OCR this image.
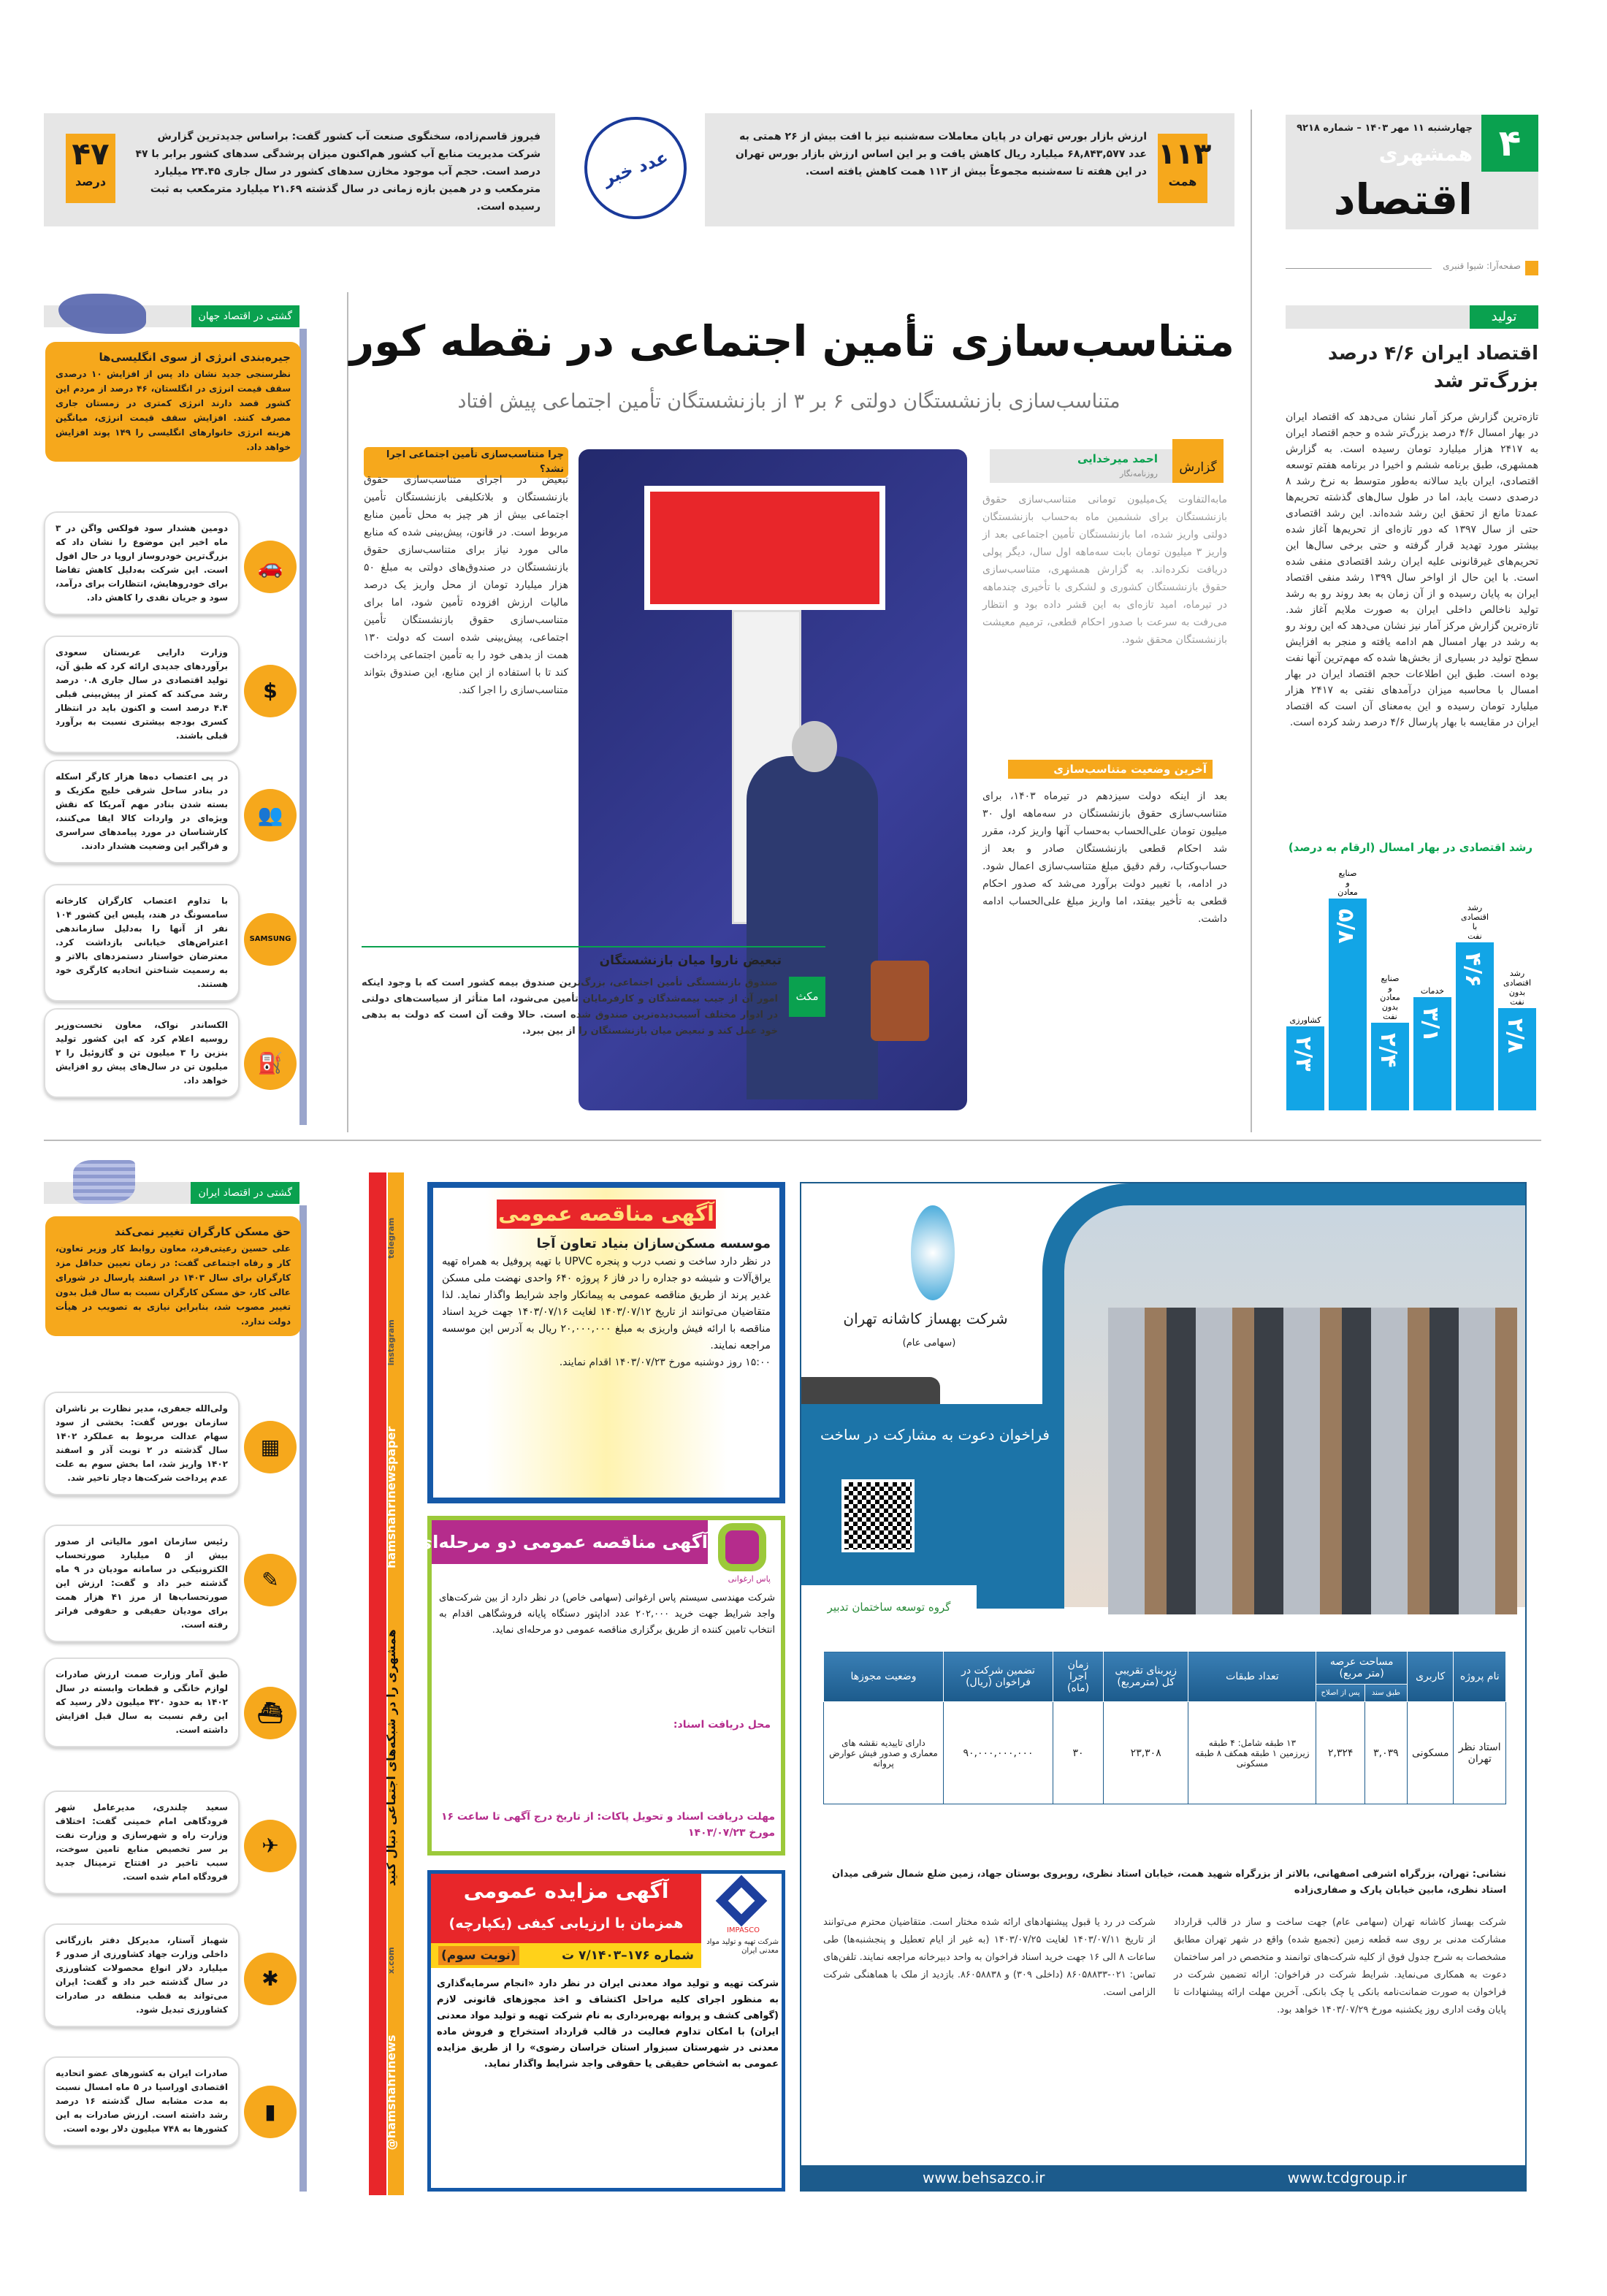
۴۷
درصد
فیروز قاسم‌زاده، سخنگوی صنعت آب کشور گفت: براساس جدیدترین گزارش شرکت مدیریت منابع آب کشور هم‌اکنون میزان پرشدگی سدهای کشور برابر با ۴۷ درصد است. حجم آب موجود مخازن سدهای کشور در سال جاری ۲۴.۴۵ میلیارد مترمکعب و در همین بازه زمانی در سال گذشته ۲۱.۶۹ میلیارد مترمکعب به ثبت رسیده است.
عدد خبر	۱۱۳
همت
ارزش بازار بورس تهران در پایان معاملات سه‌شنبه نیز با افت بیش از ۲۶ همتی به عدد ۶۸,۸۴۳,۵۷۷ میلیارد ریال کاهش یافت و بر این اساس ارزش بازار بورس تهران در این هفته تا سه‌شنبه مجموعاً بیش از ۱۱۳ همت کاهش یافته است.
۴
چهارشنبه ۱۱ مهر ۱۴۰۳ – شماره ۹۲۱۸
همشهری
اقتصاد
صفحه‌آرا: شیوا قنبری
تولید
اقتصاد ایران ۴/۶ درصد بزرگ‌تر شد
تازه‌ترین گزارش مرکز آمار نشان می‌دهد که اقتصاد ایران در بهار امسال ۴/۶ درصد بزرگ‌تر شده و حجم اقتصاد ایران به ۲۴۱۷ هزار میلیارد تومان رسیده است. به گزارش همشهری، طبق برنامه ششم و اخیرا در برنامه هفتم توسعه اقتصادی، ایران باید سالانه به‌طور متوسط به نرخ رشد ۸ درصدی دست یابد، اما در طول سال‌های گذشته تحریم‌ها عمدتا مانع از تحقق این رشد شده‌اند. این رشد اقتصادی حتی از سال ۱۳۹۷ که دور تازه‌ای از تحریم‌ها آغاز شده بیشتر مورد تهدید قرار گرفته و حتی برخی سال‌ها این تحریم‌های غیرقانونی علیه ایران رشد اقتصادی منفی شده است. با این حال از اواخر سال ۱۳۹۹ رشد منفی اقتصاد ایران به پایان رسیده و از آن زمان به بعد روند رو به رشد تولید ناخالص داخلی ایران به صورت ملایم آغاز شد. تازه‌ترین گزارش مرکز آمار نیز نشان می‌دهد که این روند رو به رشد در بهار امسال هم ادامه یافته و منجر به افزایش سطح تولید در بسیاری از بخش‌ها شده که مهم‌ترین آنها نفت بوده است. طبق این اطلاعات حجم اقتصاد ایران در بهار امسال با محاسبه میزان درآمدهای نفتی به ۲۴۱۷ هزار میلیارد تومان رسیده و این به‌معنای آن است که اقتصاد ایران در مقایسه با بهار پارسال ۴/۶ درصد رشد کرده است.
رشد اقتصادی در بهار امسال (ارقام به درصد)
۲/۳
کشاورزی
۵/۸
صنایع و معادن
۲/۴
صنایع و معادن بدون نفت ۳/۱
خدمات
۴/۶
رشد اقتصادی با نفت
۲/۸
رشد اقتصادی بدون نفت
متناسب‌سازی تأمین اجتماعی در نقطه کور
متناسب‌سازی بازنشستگان دولتی ۶ بر ۳ از بازنشستگان تأمین اجتماعی پیش افتاد
گزارش
احمد میرخدایی
روزنامه‌نگار
مابه‌التفاوت یک‌میلیون تومانی متناسب‌سازی حقوق بازنشستگان برای ششمین ماه به‌حساب بازنشستگان دولتی واریز شده، اما بازنشستگان تأمین اجتماعی بعد از واریز ۳ میلیون تومان بابت سه‌ماهه اول سال، دیگر پولی دریافت نکرده‌اند. به گزارش همشهری، متناسب‌سازی حقوق بازنشستگان کشوری و لشکری با تأخیری چندماهه در تیرماه، امید تازه‌ای به این قشر داده بود و انتظار می‌رفت به سرعت با صدور احکام قطعی، ترمیم معیشت بازنشستگان محقق شود.
آخرین وضعیت متناسب‌سازی
بعد از اینکه دولت سیزدهم در تیرماه ۱۴۰۳، برای متناسب‌سازی حقوق بازنشستگان در سه‌ماهه اول ۳۰ میلیون تومان علی‌الحساب به‌حساب آنها واریز کرد، مقرر شد احکام قطعی بازنشستگان صادر و بعد از حساب‌وکتاب، رقم دقیق مبلغ متناسب‌سازی اعمال شود. در ادامه، با تغییر دولت برآورد می‌شد که صدور احکام قطعی به تأخیر بیفتد، اما واریز مبلغ علی‌الحساب ادامه داشت.
چرا متناسب‌سازی تأمین اجتماعی اجرا نشد؟
تبعیض در اجرای متناسب‌سازی حقوق بازنشستگان و بلاتکلیفی بازنشستگان تأمین اجتماعی بیش از هر چیز به محل تأمین منابع مربوط است. در قانون، پیش‌بینی شده که منابع مالی مورد نیاز برای متناسب‌سازی حقوق بازنشستگان در صندوق‌های دولتی به مبلغ ۵۰ هزار میلیارد تومان از محل واریز یک درصد مالیات ارزش افزوده تأمین شود، اما برای متناسب‌سازی حقوق بازنشستگان تأمین اجتماعی، پیش‌بینی شده است که دولت ۱۳۰ همت از بدهی خود را به تأمین اجتماعی پرداخت کند تا با استفاده از این منابع، این صندوق بتواند متناسب‌سازی را اجرا کند.
مکث
تبعیض ناروا میان بازنشستگان
صندوق بازنشستگی تأمین اجتماعی، بزرگ‌ترین صندوق بیمه کشور است که با وجود اینکه امور آن از جیب بیمه‌شدگان و کارفرمایان تأمین می‌شود، اما متأثر از سیاست‌های دولتی در ادوار مختلف آسیب‌دیده‌ترین صندوق شده است. حالا وقت آن است که دولت به بدهی خود عمل کند و تبعیض میان بازنشستگان را از بین ببرد.
گشتی در اقتصاد جهان
جیره‌بندی انرژی از سوی انگلیسی‌ها
نظرسنجی جدید نشان داد پس از افزایش ۱۰ درصدی سقف قیمت انرژی در انگلستان، ۴۶ درصد از مردم این کشور قصد دارند انرژی کمتری در زمستان جاری مصرف کنند. افزایش سقف قیمت انرژی، میانگین هزینه انرژی خانوارهای انگلیسی را ۱۴۹ پوند افزایش خواهد داد.
دومین هشدار سود فولکس واگن در ۳ ماه اخیر این موضوع را نشان داد که بزرگ‌ترین خودروساز اروپا در حال افول است. این شرکت به‌دلیل کاهش تقاضا برای خودروهایش، انتظارات برای درآمد، سود و جریان نقدی را کاهش داد.
🚗
وزارت دارایی عربستان سعودی برآوردهای جدیدی ارائه کرد که طبق آن، تولید اقتصادی در سال جاری ۰.۸ درصد رشد می‌کند که کمتر از پیش‌بینی قبلی ۴.۴ درصد است و اکنون باید در انتظار کسری بودجه بیشتری نسبت به برآورد قبلی باشند.
$
در پی اعتصاب ده‌ها هزار کارگر اسکله در بنادر ساحل شرقی خلیج مکزیک و بسته شدن بنادر مهم آمریکا که نقش ویژه‌ای در واردات کالا ایفا می‌کنند، کارشناسان در مورد پیامدهای سراسری و فراگیر این وضعیت هشدار دادند.
👥
با تداوم اعتصاب کارگران کارخانه سامسونگ در هند، پلیس این کشور ۱۰۴ نفر از آنها را به‌دلیل سازماندهی اعتراض‌های خیابانی بازداشت کرد. معترضان خواستار دستمزدهای بالاتر و به رسمیت شناختن اتحادیه کارگری خود هستند.
SAMSUNG
الکساندر نواک، معاون نخست‌وزیر روسیه اعلام کرد که این کشور تولید بنزین را ۳ میلیون تن و گازوئیل را ۲ میلیون تن در سال‌های پیش رو افزایش خواهد داد.
⛽
گشتی در اقتصاد ایران
حق مسکن کارگران تغییر نمی‌کند
علی حسین رعیتی‌فرد، معاون روابط کار وزیر تعاون، کار و رفاه اجتماعی گفت: در زمان تعیین حداقل مزد کارگران برای سال ۱۴۰۳ در اسفند پارسال در شورای عالی کار، حق مسکن کارگران نسبت به سال قبل بدون تغییر مصوب شد، بنابراین نیازی به تصویب در هیأت دولت ندارد.
ولی‌الله جعفری، مدیر نظارت بر ناشران سازمان بورس گفت: بخشی از سود سهام عدالت مربوط به عملکرد ۱۴۰۲ سال گذشته در ۲ نوبت آذر و اسفند ۱۴۰۲ واریز شد، اما بخش سوم به علت عدم پرداخت شرکت‌ها دچار تاخیر شد.
▦
رئیس سازمان امور مالیاتی از صدور بیش از ۵ میلیارد صورتحساب الکترونیکی در سامانه مودیان در ۹ ماه گذشته خبر داد و گفت: ارزش این صورتحساب‌ها از مرز ۴۱ هزار همت برای مودیان حقیقی و حقوقی فراتر رفته است.
✎
طبق آمار وزارت صمت ارزش صادرات لوازم خانگی و قطعات وابسته در سال ۱۴۰۲ به حدود ۴۲۰ میلیون دلار رسید که این رقم نسبت به سال قبل افزایش داشته است.
⛴
سعید چلندری، مدیرعامل شهر فرودگاهی امام خمینی گفت: اختلاف وزارت راه و شهرسازی و وزارت نفت بر سر تخصیص منابع تامین سوخت، سبب تاخیر در افتتاح ترمینال جدید فرودگاه امام شده است.
✈
شهباز آستار، مدیرکل دفتر بازرگانی داخلی وزارت جهاد کشاورزی از صدور ۶ میلیارد دلار انواع محصولات کشاورزی در سال گذشته خبر داد و گفت: ایران می‌تواند به قطب منطقه در صادرات کشاورزی تبدیل شود.
✱
صادرات ایران به کشورهای عضو اتحادیه اقتصادی اوراسیا در ۵ ماه امسال نسبت به مدت مشابه سال گذشته ۱۶ درصد رشد داشته است. ارزش صادرات به این کشورها به ۷۴۸ میلیون دلار بوده است.
▮	@hamshahrinews
x.com
همشهری را در شبکه‌های اجتماعی دنبال کنید
hamshahrinewspaper
instagram
telegram
آگهی مناقصه عمومی
موسسه مسکن‌سازان بنیاد تعاون آجا
در نظر دارد ساخت و نصب درب و پنجره UPVC با تهیه پروفیل به همراه تهیه یراق‌آلات و شیشه دو جداره را در فاز ۶ پروژه ۶۴۰ واحدی نهضت ملی مسکن غدیر پرند از طریق مناقصه عمومی به پیمانکار واجد شرایط واگذار نماید. لذا متقاضیان می‌توانند از تاریخ ۱۴۰۳/۰۷/۱۲ لغایت ۱۴۰۳/۰۷/۱۶ جهت خرید اسناد مناقصه با ارائه فیش واریزی به مبلغ ۲۰,۰۰۰,۰۰۰ ریال به آدرس این موسسه مراجعه نمایند.
۱۵:۰۰ روز دوشنبه مورخ ۱۴۰۳/۰۷/۲۳ اقدام نمایند.
آگهی مناقصه عمومی دو مرحله‌ای
پاس ارغوانی
شرکت مهندسی سیستم پاس ارغوانی (سهامی خاص) در نظر دارد از بین شرکت‌های واجد شرایط جهت خرید ۲۰۲,۰۰۰ عدد اداپتور دستگاه پایانه فروشگاهی اقدام به انتخاب تامین کننده از طریق برگزاری مناقصه عمومی دو مرحله‌ای نماید.
محل دریافت اسناد:
مهلت دریافت اسناد و تحویل پاکات: از تاریخ درج آگهی تا ساعت ۱۶ مورخ ۱۴۰۳/۰۷/۲۳
آگهی مزایده عمومی
همزمان با ارزیابی کیفی (یکپارچه)
شماره ۱۷۶–۷/۱۴۰۳ ت
(نوبت سوم)
IMPASCO
شرکت تهیه و تولید مواد معدنی ایران
شرکت تهیه و تولید مواد معدنی ایران در نظر دارد «انجام سرمایه‌گذاری به منظور اجرای کلیه مراحل اکتشاف و اخذ مجوزهای قانونی لازم (گواهی کشف و پروانه بهره‌برداری به نام شرکت تهیه و تولید مواد معدنی ایران) با امکان تداوم فعالیت در قالب قرارداد استخراج و فروش ماده معدنی در شهرستان سبزوار استان خراسان رضوی» را از طریق مزایده عمومی به اشخاص حقیقی یا حقوقی واجد شرایط واگذار نماید.
شرکت بهساز کاشانه تهران
(سهامی عام)
فراخوان دعوت به مشارکت در ساخت
گروه توسعه ساختمان تدبیر
نام پروژه	کاربری	مساحت عرصه (متر مربع)		تعداد طبقات	زیربنای تقریبی کل (مترمربع)	زمان اجرا (ماه)	تضمین شرکت در فراخوان (ریال)	وضعیت مجوزها
		طبق سند	پس از اصلاح					
استاد نظر تهران	مسکونی	۳,۰۳۹	۲,۳۲۴	۱۳ طبقه شامل: ۴ طبقه زیرزمین ۱ طبقه همکف ۸ طبقه مسکونی	۲۳,۳۰۸	۳۰	۹۰,۰۰۰,۰۰۰,۰۰۰	دارای تاییدیه نقشه های معماری و صدور فیش عوارض پروانه
نشانی: تهران، بزرگراه اشرفی اصفهانی، بالاتر از بزرگراه شهید همت، خیابان استاد نظری، روبروی بوستان جهاد، زمین ضلع شمال شرقی میدان استاد نظری، مابین خیابان پارک و صفاری‌زاده
شرکت بهساز کاشانه تهران (سهامی عام) جهت ساخت و ساز در قالب قرارداد مشارکت مدنی بر روی سه قطعه زمین (تجمیع شده) واقع در شهر تهران مطابق مشخصات به شرح جدول فوق از کلیه شرکت‌های توانمند و متخصص در امر ساختمان دعوت به همکاری می‌نماید. شرایط شرکت در فراخوان: ارائه تضمین شرکت در فراخوان به صورت ضمانت‌نامه بانکی یا چک بانکی. آخرین مهلت ارائه پیشنهادات تا پایان وقت اداری روز یکشنبه مورخ ۱۴۰۳/۰۷/۲۹ خواهد بود.
شرکت در رد یا قبول پیشنهادهای ارائه شده مختار است. متقاضیان محترم می‌توانند از تاریخ ۱۴۰۳/۰۷/۱۱ لغایت ۱۴۰۳/۰۷/۲۵ (به غیر از ایام تعطیل و پنجشنبه‌ها) طی ساعات ۸ الی ۱۶ جهت خرید اسناد فراخوان به واحد دبیرخانه مراجعه نمایند. تلفن‌های تماس: ۰۲۱-۸۶۰۵۸۸۳۳ (داخلی ۳۰۹) و ۸۶۰۵۸۸۳۸. بازدید از ملک با هماهنگی شرکت الزامی است.
www.behsazco.ir	www.tcdgroup.ir
